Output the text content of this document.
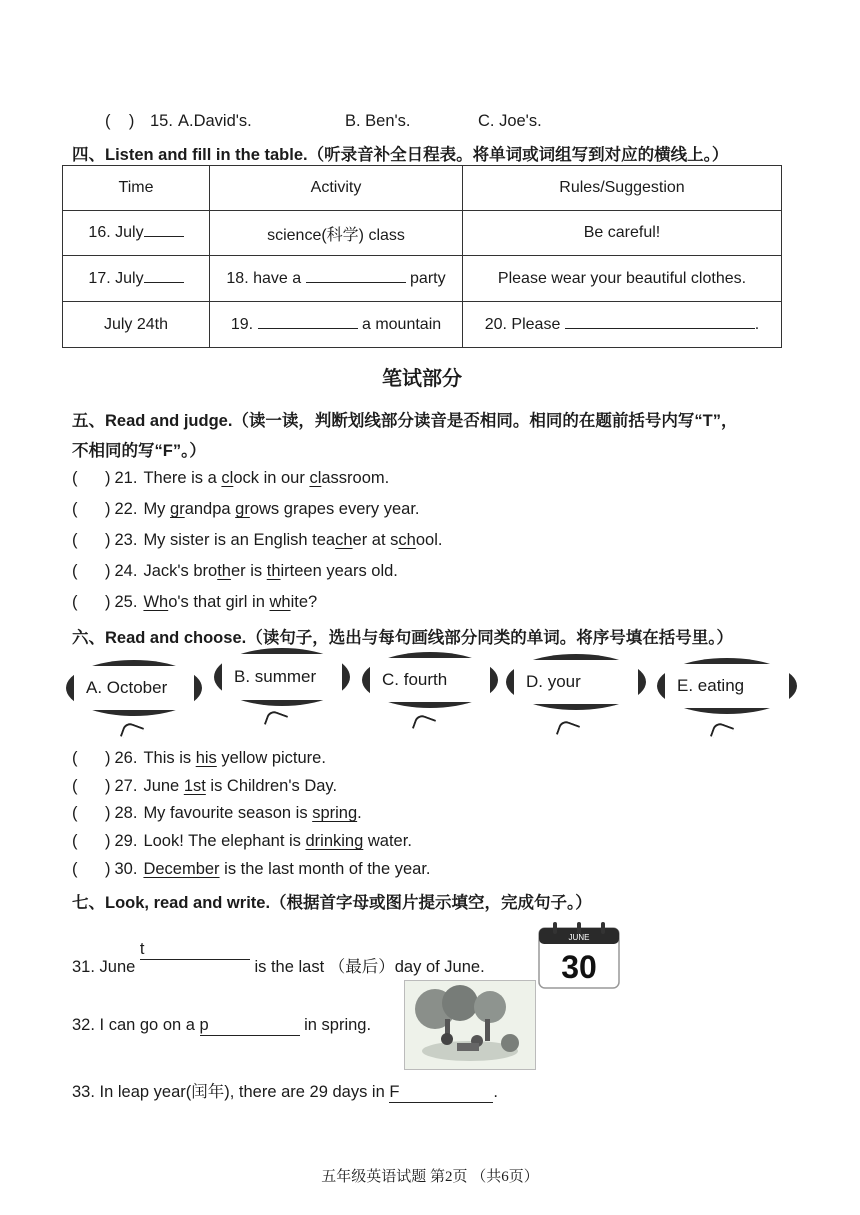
( ) 15. A.David's.	B. Ben's.	C. Joe's.
四、Listen and fill in the table.（听录音补全日程表。将单词或词组写到对应的横线上。）
Time	Activity	Rules/Suggestion
16. July	science(科学) class	Be careful!
17. July	18. have a party	Please wear your beautiful clothes.
July 24th	19. a mountain	20. Please .
笔试部分
五、Read and judge.（读一读，判断划线部分读音是否相同。相同的在题前括号内写“T”，
不相同的写“F”。）
(      ) 21. There is a clock in our classroom.
(      ) 22. My grandpa grows grapes every year.
(      ) 23. My sister is an English teacher at school.
(      ) 24. Jack's brother is thirteen years old.
(      ) 25. Who's that girl in white?
六、Read and choose.（读句子，选出与每句画线部分同类的单词。将序号填在括号里。）
A. October
B. summer	C. fourth	D. your	E. eating
(      ) 26. This is his yellow picture.
(      ) 27. June 1st is Children's Day.
(      ) 28. My favourite season is spring.
(      ) 29. Look! The elephant is drinking water.
(      ) 30. December is the last month of the year.
七、Look, read and write.（根据首字母或图片提示填空，完成句子。）
31. June t is the last （最后）day of June.
JUNE
30
32. I can go on a p	in spring.
33. In leap year(闰年), there are 29 days in F	.
五年级英语试题 第2页 （共6页）
